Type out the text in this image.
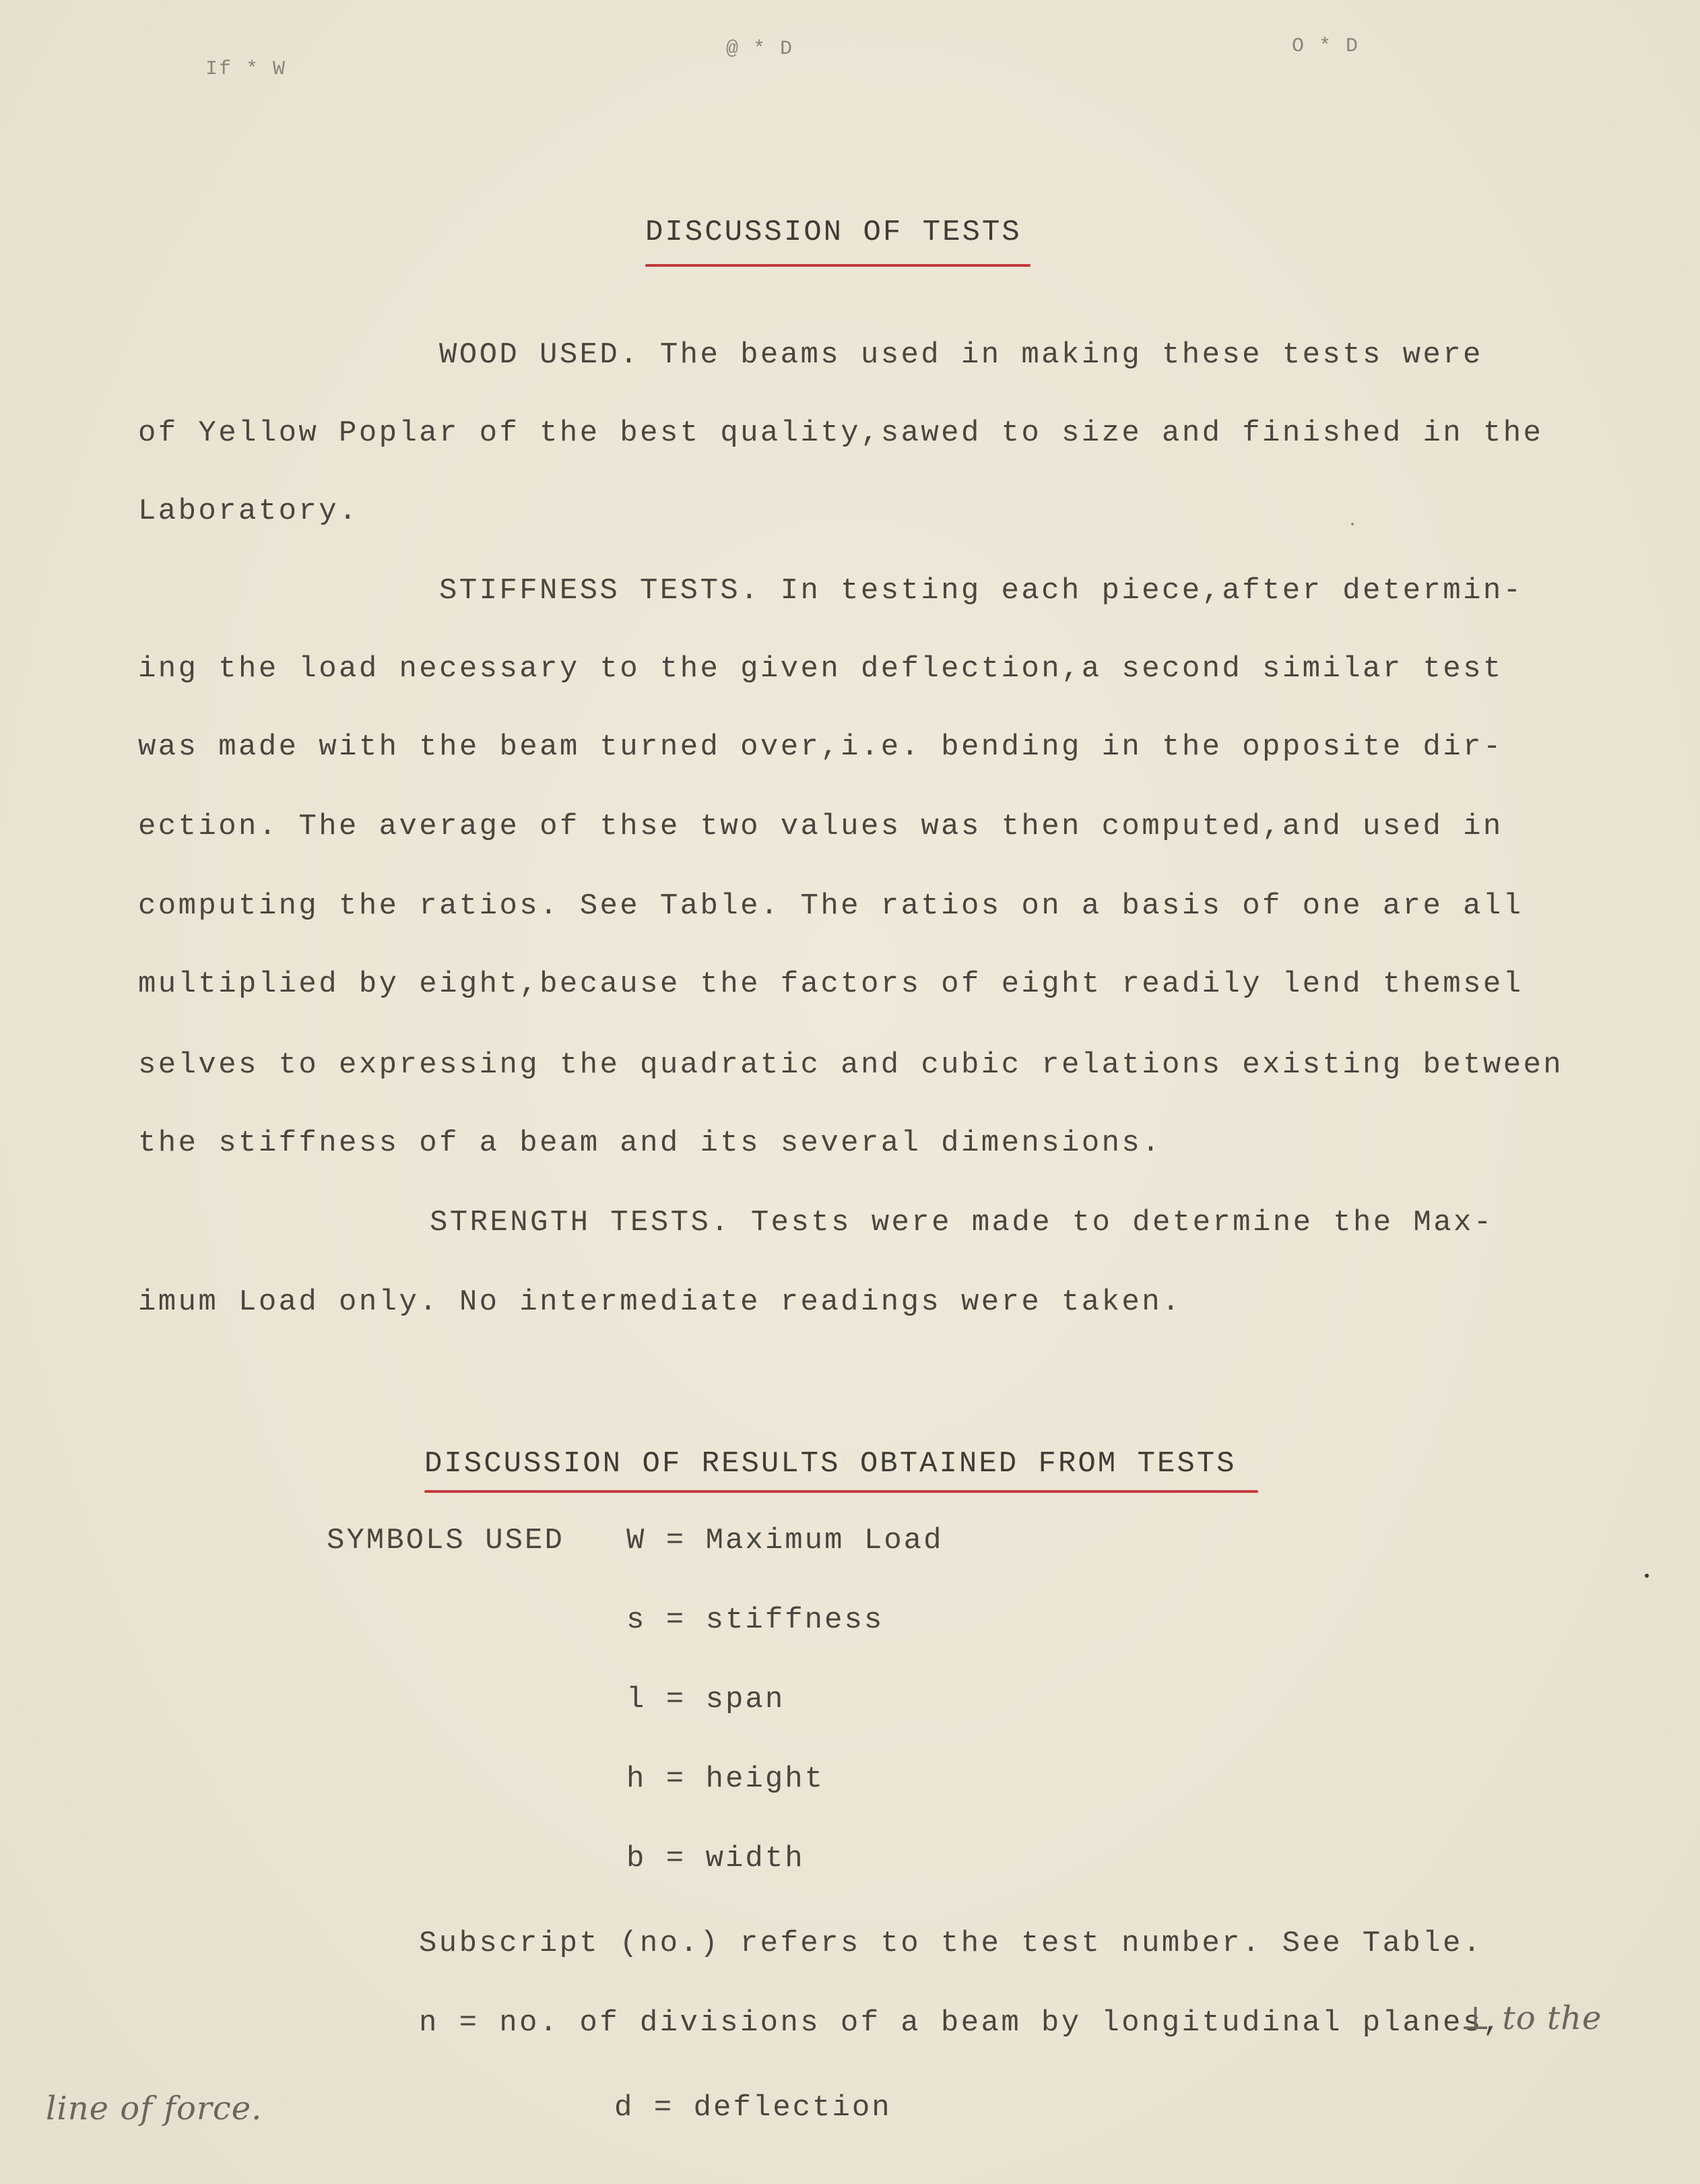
If * W
@ * D	O * D
DISCUSSION OF TESTS
WOOD USED. The beams used in making these tests were
of Yellow Poplar of the best quality,sawed to size and finished in the
Laboratory.
STIFFNESS TESTS. In testing each piece,after determin-
ing the load necessary to the given deflection,a second similar test
was made with the beam turned over,i.e. bending in the opposite dir-
ection. The average of thse two values was then computed,and used in
computing the ratios. See Table. The ratios on a basis of one are all
multiplied by eight,because the factors of eight readily lend themsel
selves to expressing the quadratic and cubic relations existing between
the stiffness of a beam and its several dimensions.
STRENGTH TESTS. Tests were made to determine the Max-
imum Load only. No intermediate readings were taken.
DISCUSSION OF RESULTS OBTAINED FROM TESTS
SYMBOLS USED W = Maximum Load
s = stiffness
l = span
h = height
b = width
Subscript (no.) refers to the test number. See Table.
n = no. of divisions of a beam by longitudinal planes,
⊥ to the
line of force.	d = deflection
